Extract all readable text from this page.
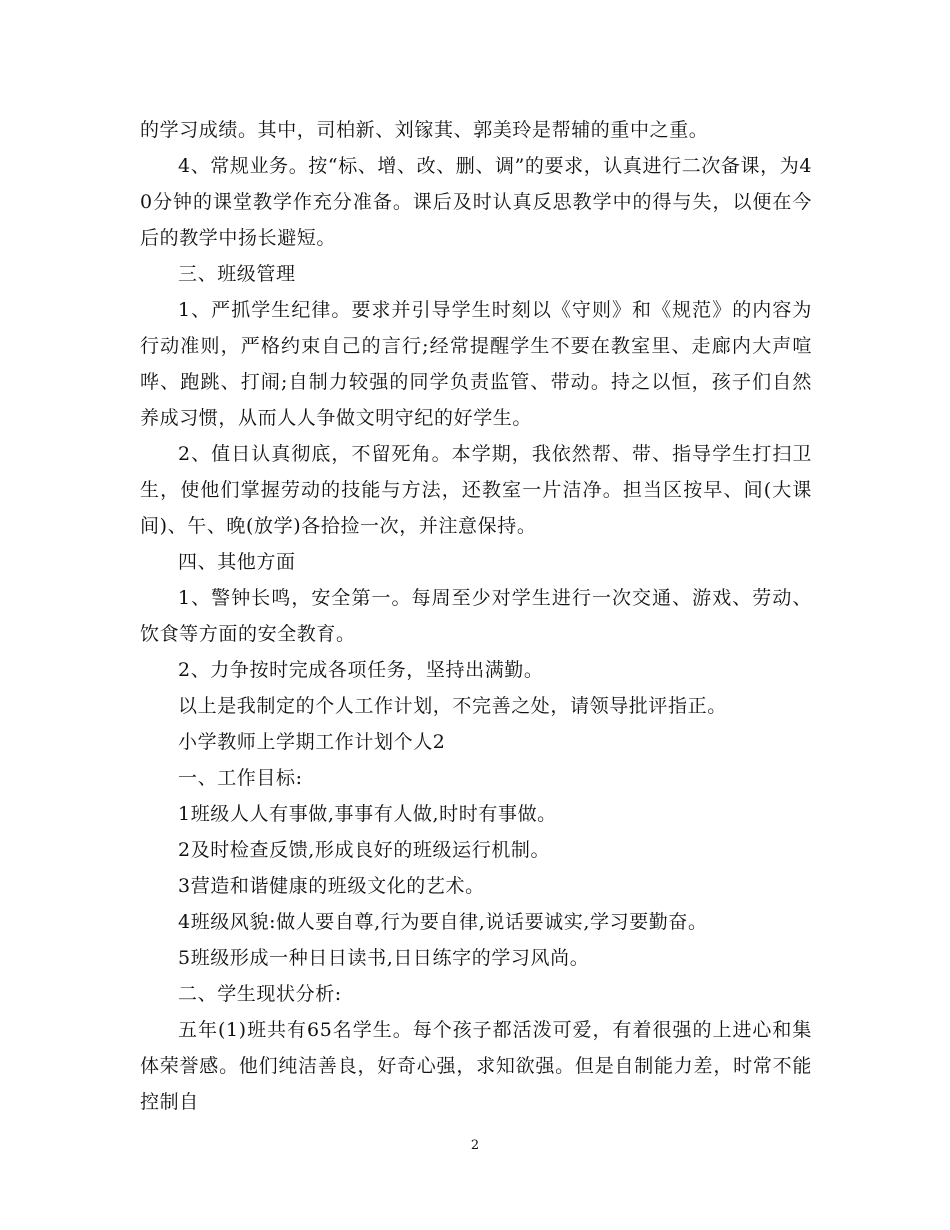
的学习成绩。其中，司柏新、刘镓萁、郭美玲是帮辅的重中之重。

4、常规业务。按“标、增、改、删、调”的要求，认真进行二次备课，为40分钟的课堂教学作充分准备。课后及时认真反思教学中的得与失，以便在今后的教学中扬长避短。

三、班级管理

1、严抓学生纪律。要求并引导学生时刻以《守则》和《规范》的内容为行动准则，严格约束自己的言行;经常提醒学生不要在教室里、走廊内大声喧哗、跑跳、打闹;自制力较强的同学负责监管、带动。持之以恒，孩子们自然养成习惯，从而人人争做文明守纪的好学生。

2、值日认真彻底，不留死角。本学期，我依然帮、带、指导学生打扫卫生，使他们掌握劳动的技能与方法，还教室一片洁净。担当区按早、间(大课间)、午、晚(放学)各拾捡一次，并注意保持。

四、其他方面

1、警钟长鸣，安全第一。每周至少对学生进行一次交通、游戏、劳动、饮食等方面的安全教育。

2、力争按时完成各项任务，坚持出满勤。

以上是我制定的个人工作计划，不完善之处，请领导批评指正。

小学教师上学期工作计划个人2

一、工作目标:

1班级人人有事做,事事有人做,时时有事做。

2及时检查反馈,形成良好的班级运行机制。

3营造和谐健康的班级文化的艺术。

4班级风貌:做人要自尊,行为要自律,说话要诚实,学习要勤奋。

5班级形成一种日日读书,日日练字的学习风尚。

二、学生现状分析:

五年(1)班共有65名学生。每个孩子都活泼可爱，有着很强的上进心和集体荣誉感。他们纯洁善良，好奇心强，求知欲强。但是自制能力差，时常不能控制自

2
